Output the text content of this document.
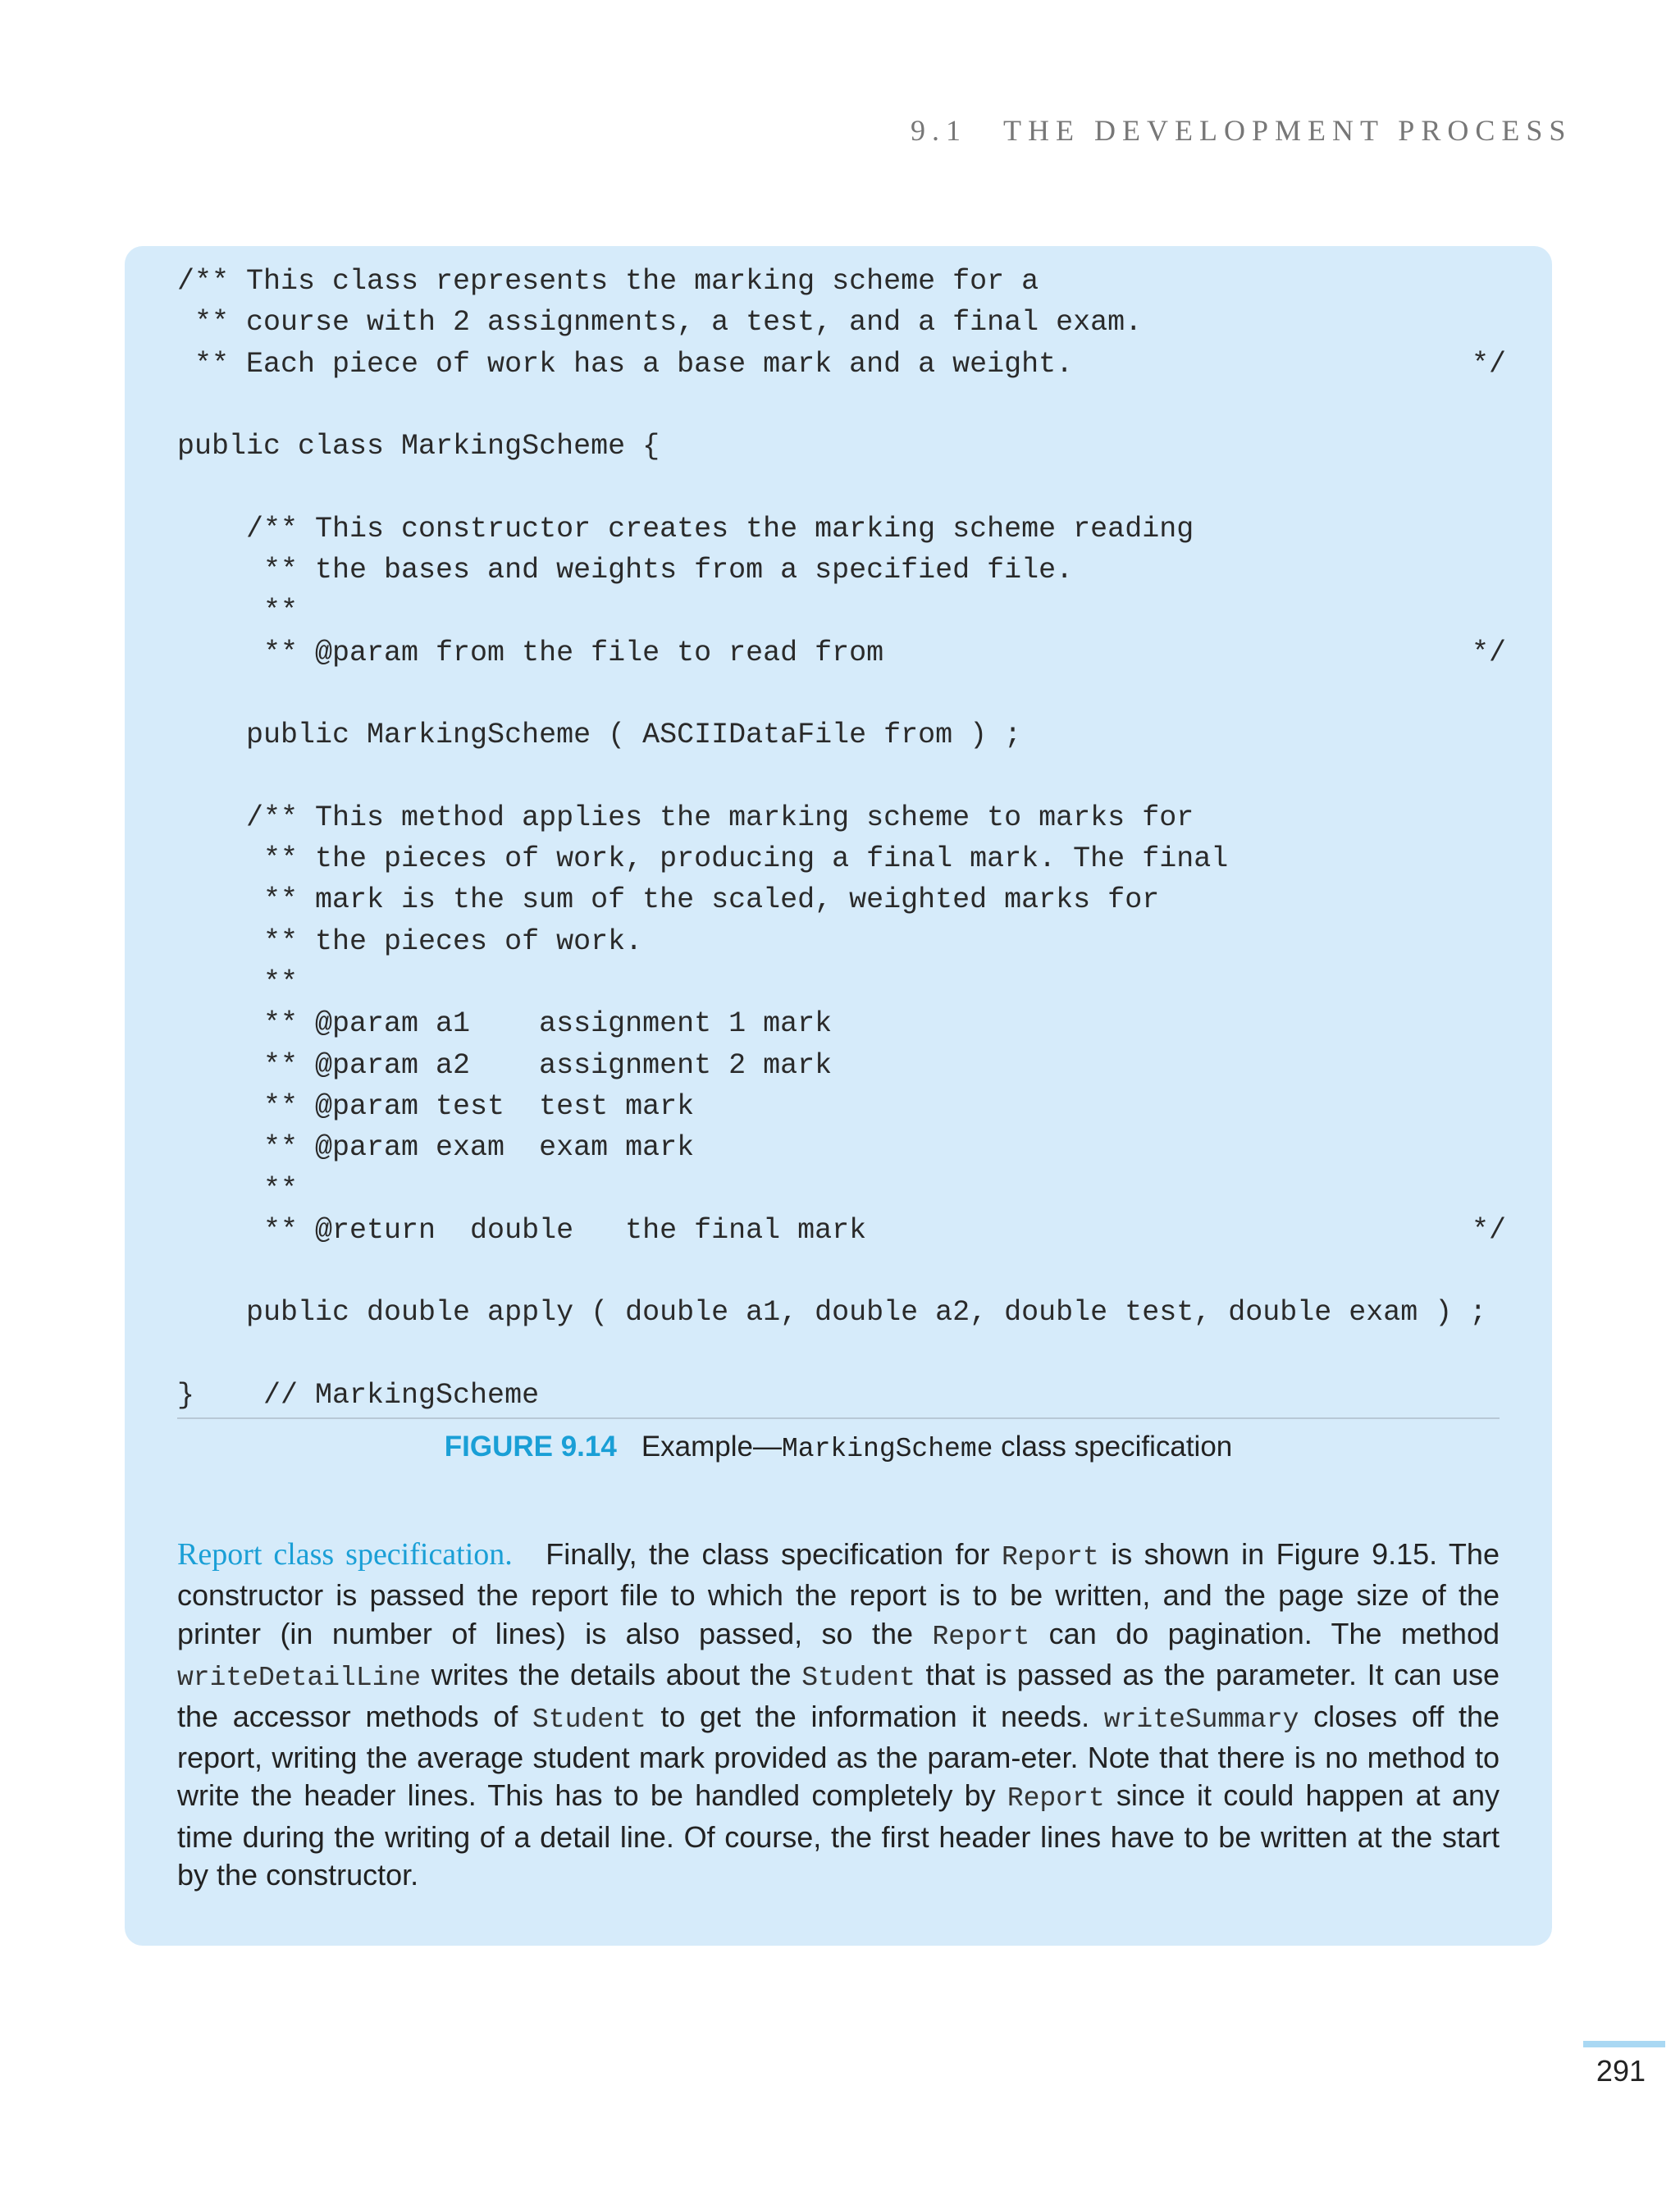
9.1 THE DEVELOPMENT PROCESS
/** This class represents the marking scheme for a
** course with 2 assignments, a test, and a final exam.
** Each piece of work has a base mark and a weight.	*/
public class MarkingScheme {
/** This constructor creates the marking scheme reading
** the bases and weights from a specified file.
**
** @param from the file to read from	*/
public MarkingScheme ( ASCIIDataFile from ) ;
/** This method applies the marking scheme to marks for
** the pieces of work, producing a final mark. The final
** mark is the sum of the scaled, weighted marks for
** the pieces of work.
**
** @param a1    assignment 1 mark
** @param a2    assignment 2 mark
** @param test  test mark
** @param exam  exam mark
**
** @return  double   the final mark	*/
public double apply ( double a1, double a2, double test, double exam ) ;
}    // MarkingScheme
FIGURE 9.14 Example—MarkingScheme class specification

Report class specification. Finally, the class specification for Report is shown in Figure 9.15. The constructor is passed the report file to which the report is to be written, and the page size of the printer (in number of lines) is also passed, so the Report can do pagination. The method writeDetailLine writes the details about the Student that is passed as the parameter. It can use the accessor methods of Student to get the information it needs. writeSummary closes off the report, writing the average student mark provided as the param-eter. Note that there is no method to write the header lines. This has to be handled completely by Report since it could happen at any time during the writing of a detail line. Of course, the first header lines have to be written at the start by the constructor.

291
